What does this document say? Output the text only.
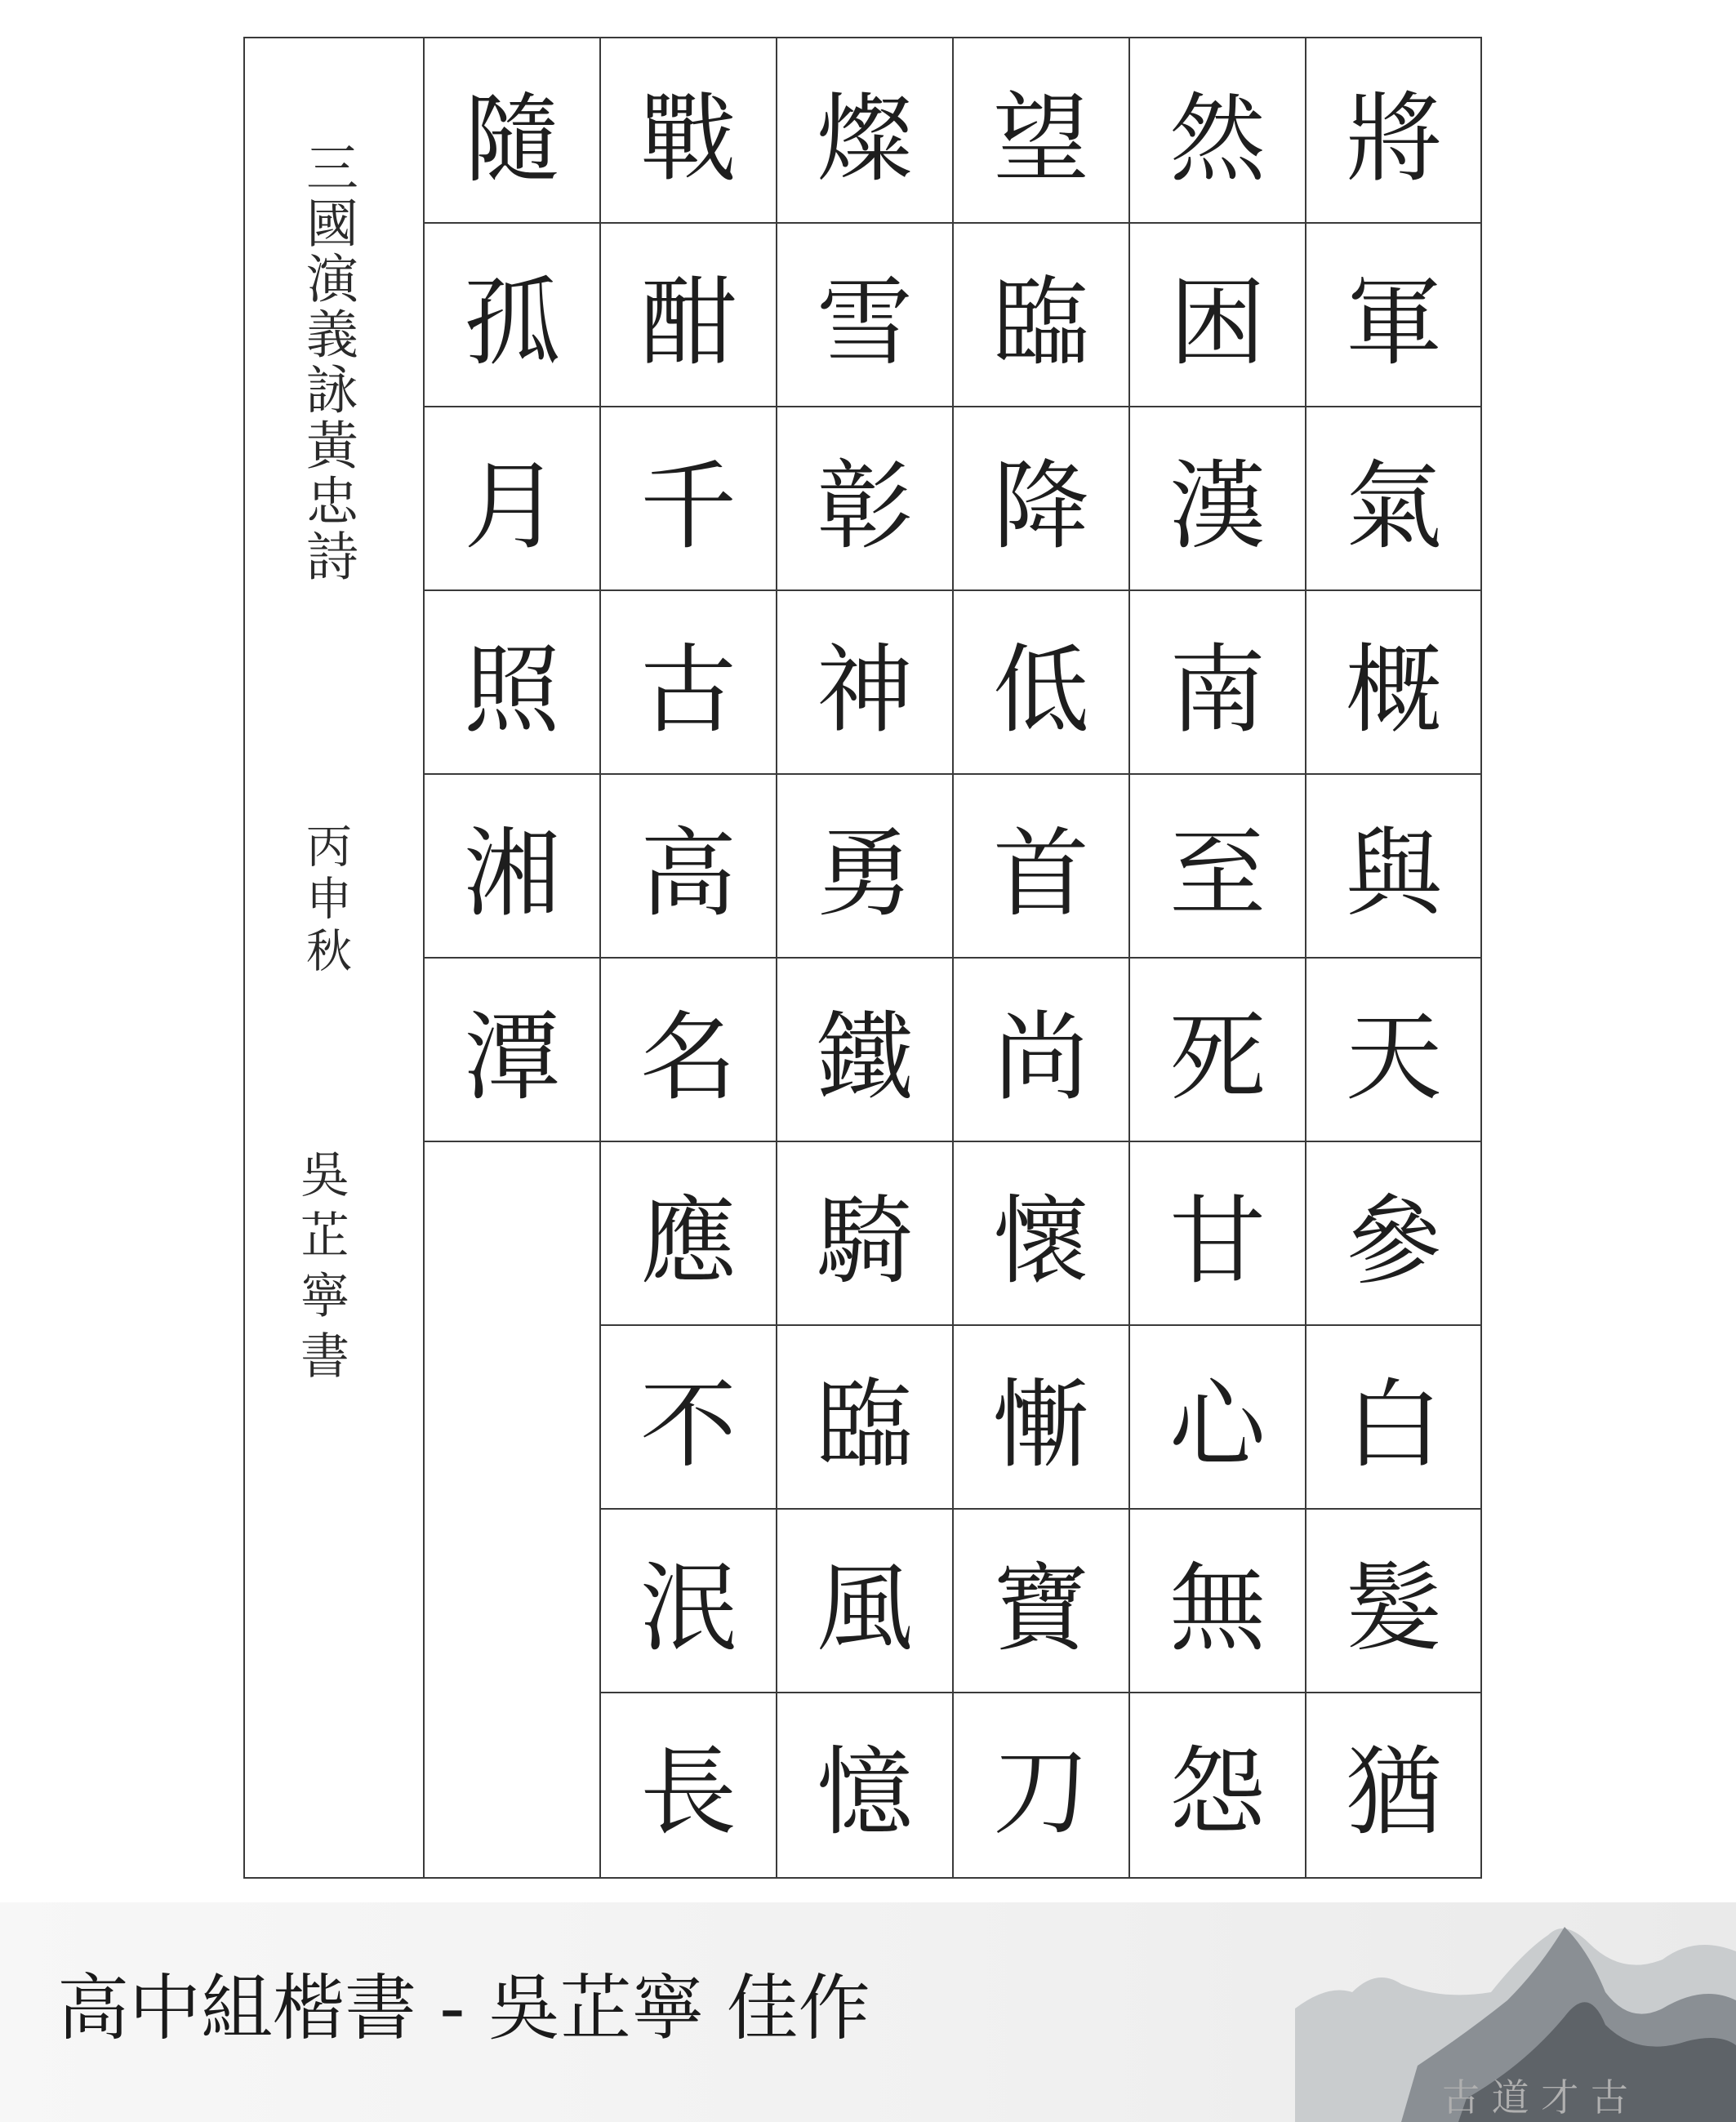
三國演義詠黃忠詩
丙申秋
吳芷寧書
將
軍
氣
概
與
天
參
白
髮
猶
然
困
漢
南
至
死
甘
心
無
怨
望
臨
降
低
首
尚
懷
慚
寶
刀
燦
雪
彰
神
勇
鐵
騎
臨
風
憶
戰
酣
千
古
高
名
應
不
泯
長
隨
孤
月
照
湘
潭
高中組楷書 - 吳芷寧 佳作
古 道 才 古
